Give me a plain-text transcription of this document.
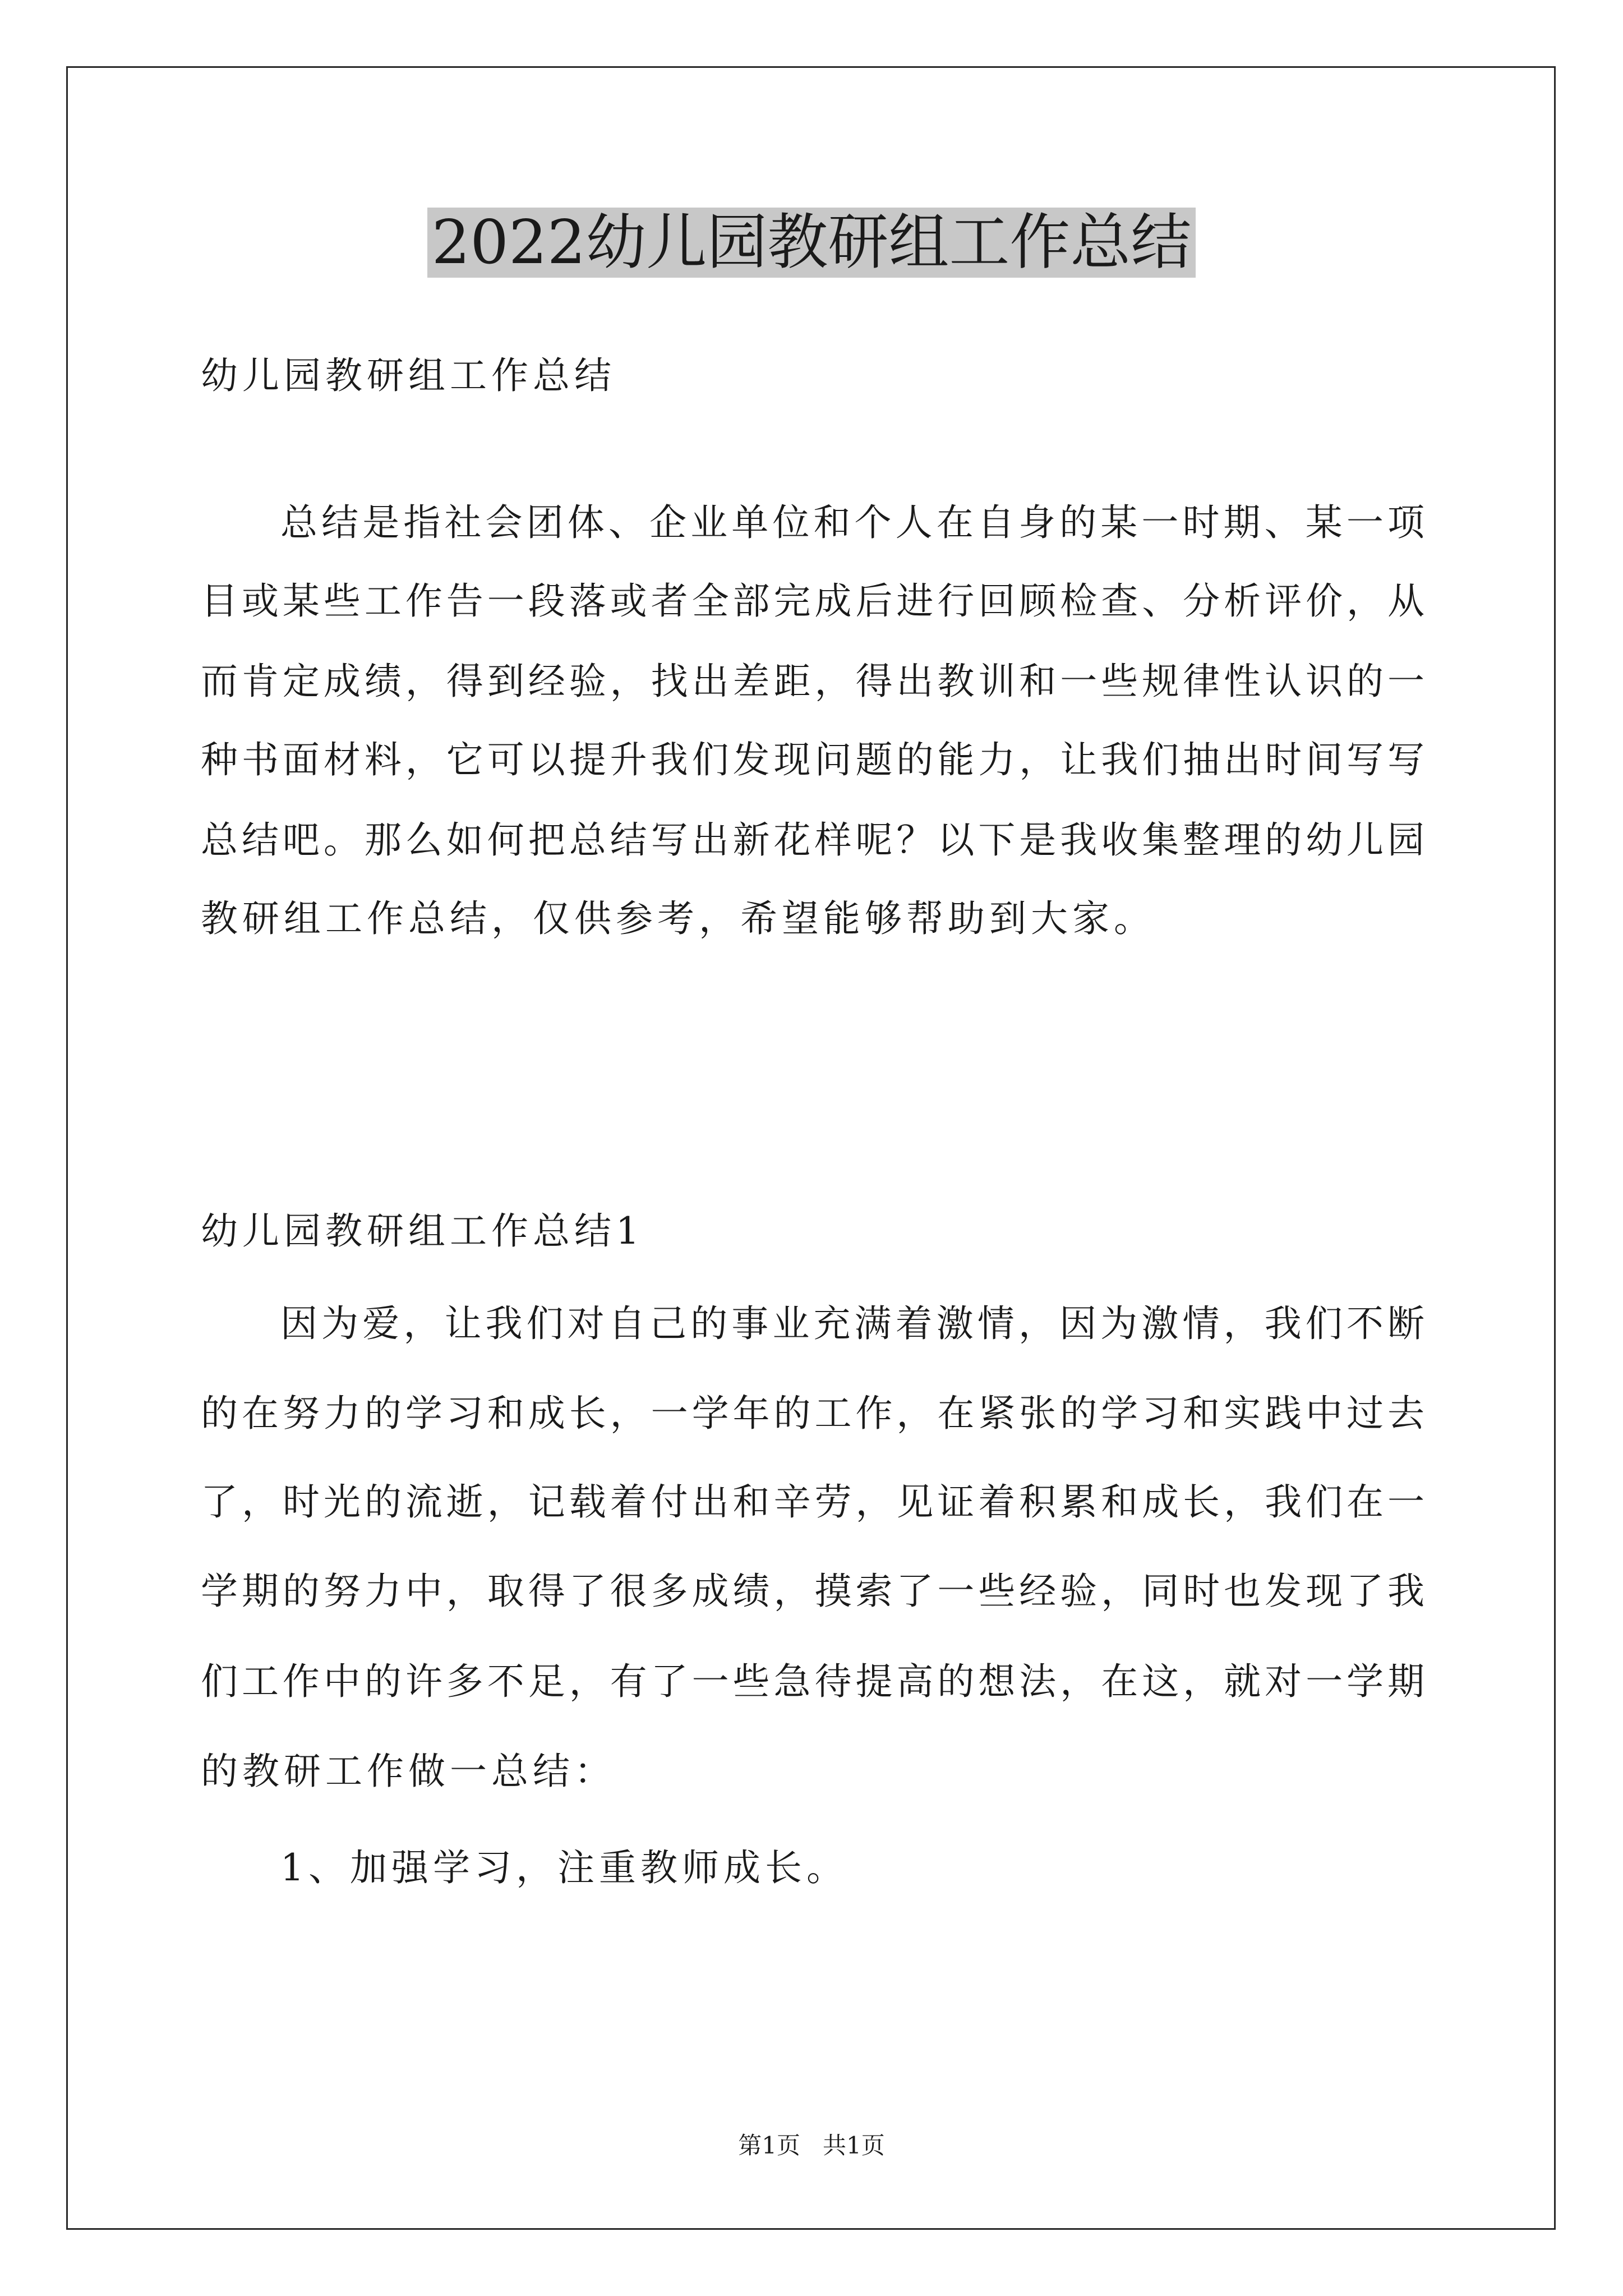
2022幼儿园教研组工作总结
幼儿园教研组工作总结
总结是指社会团体、企业单位和个人在自身的某一时期、某一项
目或某些工作告一段落或者全部完成后进行回顾检查、分析评价，从
而肯定成绩，得到经验，找出差距，得出教训和一些规律性认识的一
种书面材料，它可以提升我们发现问题的能力，让我们抽出时间写写
总结吧。那么如何把总结写出新花样呢？以下是我收集整理的幼儿园
教研组工作总结，仅供参考，希望能够帮助到大家。
幼儿园教研组工作总结1
因为爱，让我们对自己的事业充满着激情，因为激情，我们不断
的在努力的学习和成长，一学年的工作，在紧张的学习和实践中过去
了，时光的流逝，记载着付出和辛劳，见证着积累和成长，我们在一
学期的努力中，取得了很多成绩，摸索了一些经验，同时也发现了我
们工作中的许多不足，有了一些急待提高的想法，在这，就对一学期
的教研工作做一总结：
1、加强学习，注重教师成长。
第1页 共1页
